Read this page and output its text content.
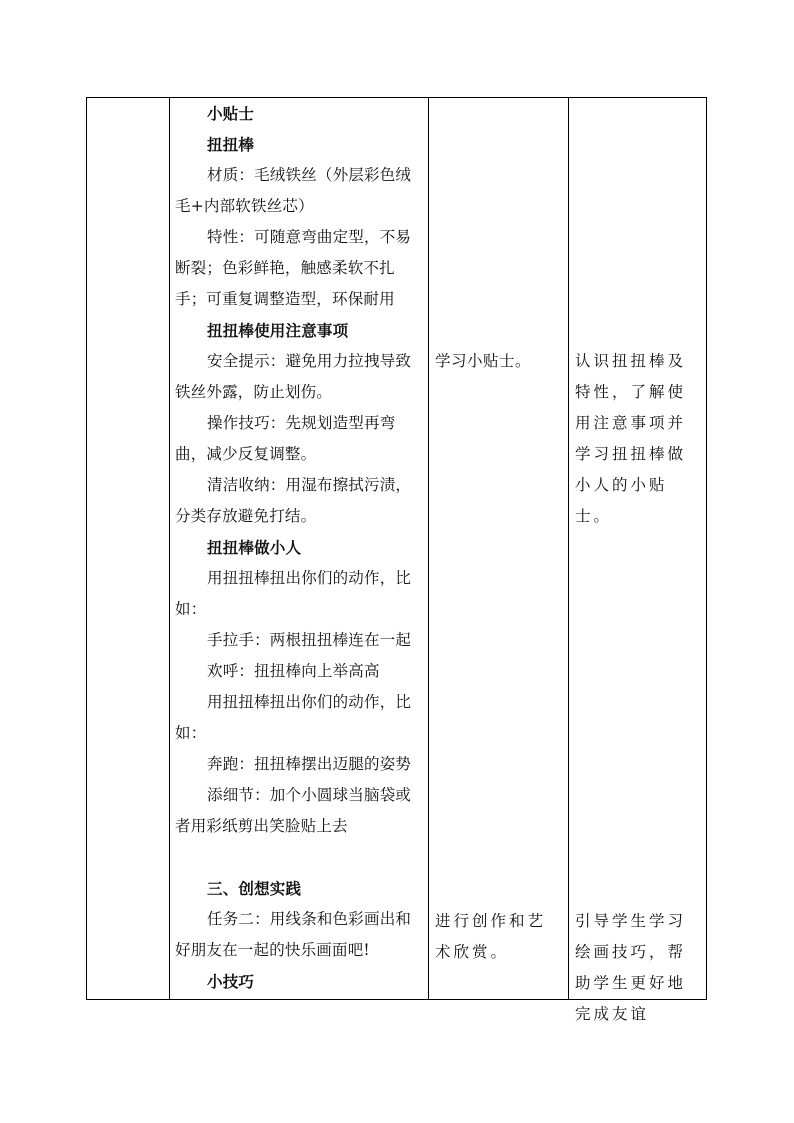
小贴士

扭扭棒

材质：毛绒铁丝（外层彩色绒毛+内部软铁丝芯）

特性：可随意弯曲定型，不易断裂；色彩鲜艳，触感柔软不扎手；可重复调整造型，环保耐用

扭扭棒使用注意事项

安全提示：避免用力拉拽导致铁丝外露，防止划伤。

操作技巧：先规划造型再弯曲，减少反复调整。

清洁收纳：用湿布擦拭污渍，分类存放避免打结。

扭扭棒做小人

用扭扭棒扭出你们的动作，比如：

手拉手：两根扭扭棒连在一起

欢呼：扭扭棒向上举高高

用扭扭棒扭出你们的动作，比如：

奔跑：扭扭棒摆出迈腿的姿势

添细节：加个小圆球当脑袋或者用彩纸剪出笑脸贴上去

三、创想实践

任务二：用线条和色彩画出和好朋友在一起的快乐画面吧!

小技巧

学习小贴士。	认识扭扭棒及特性，了解使用注意事项并学习扭扭棒做小人的小贴士。

进行创作和艺术欣赏。

引导学生学习绘画技巧，帮助学生更好地完成友谊
